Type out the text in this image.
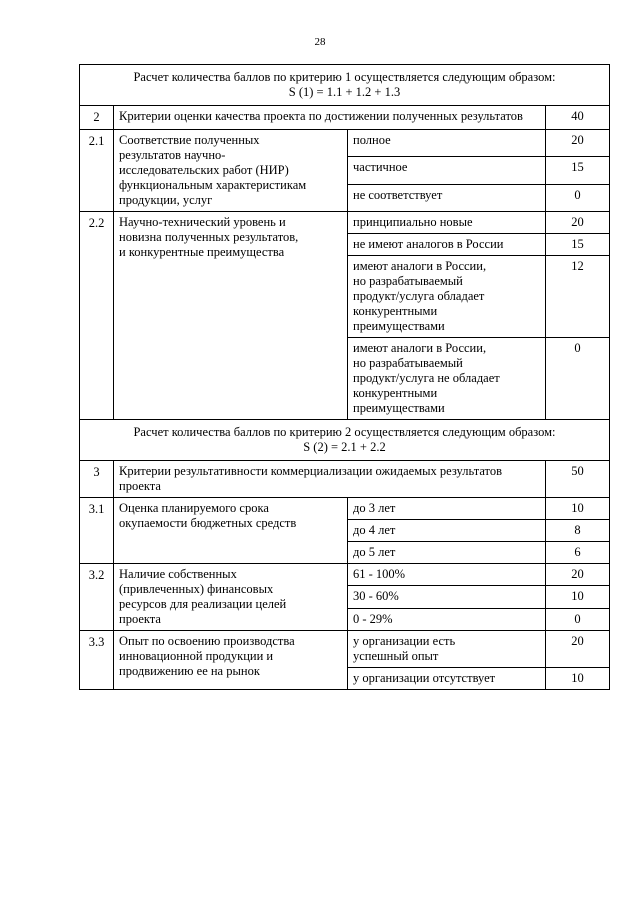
28
Расчет количества баллов по критерию 1 осуществляется следующим образом:
S (1) = 1.1 + 1.2 + 1.3			

2	Критерии оценки качества проекта по достижении полученных результатов		40
2.1	Соответствие полученных
результатов научно-
исследовательских работ (НИР)
функциональным характеристикам
продукции, услуг	полное	20

		частичное	15

		не соответствует	0
2.2	Научно-технический уровень и
новизна полученных результатов,
и конкурентные преимущества	принципиально новые	20

		не имеют аналогов в России	15

		имеют аналоги в России,
но разрабатываемый
продукт/услуга обладает
конкурентными
преимуществами	12

		имеют аналоги в России,
но разрабатываемый
продукт/услуга не обладает
конкурентными
преимуществами	0

Расчет количества баллов по критерию 2 осуществляется следующим образом:
S (2) = 2.1 + 2.2			

3	Критерии результативности коммерциализации ожидаемых результатов проекта		50
3.1	Оценка планируемого срока
окупаемости бюджетных средств	до 3 лет	10

		до 4 лет	8

		до 5 лет	6
3.2	Наличие собственных
(привлеченных) финансовых
ресурсов для реализации целей
проекта	61 - 100%	20

		30 - 60%	10

		0 - 29%	0
3.3	Опыт по освоению производства
инновационной продукции и
продвижению ее на рынок	у организации есть
успешный опыт	20

		у организации отсутствует	10
